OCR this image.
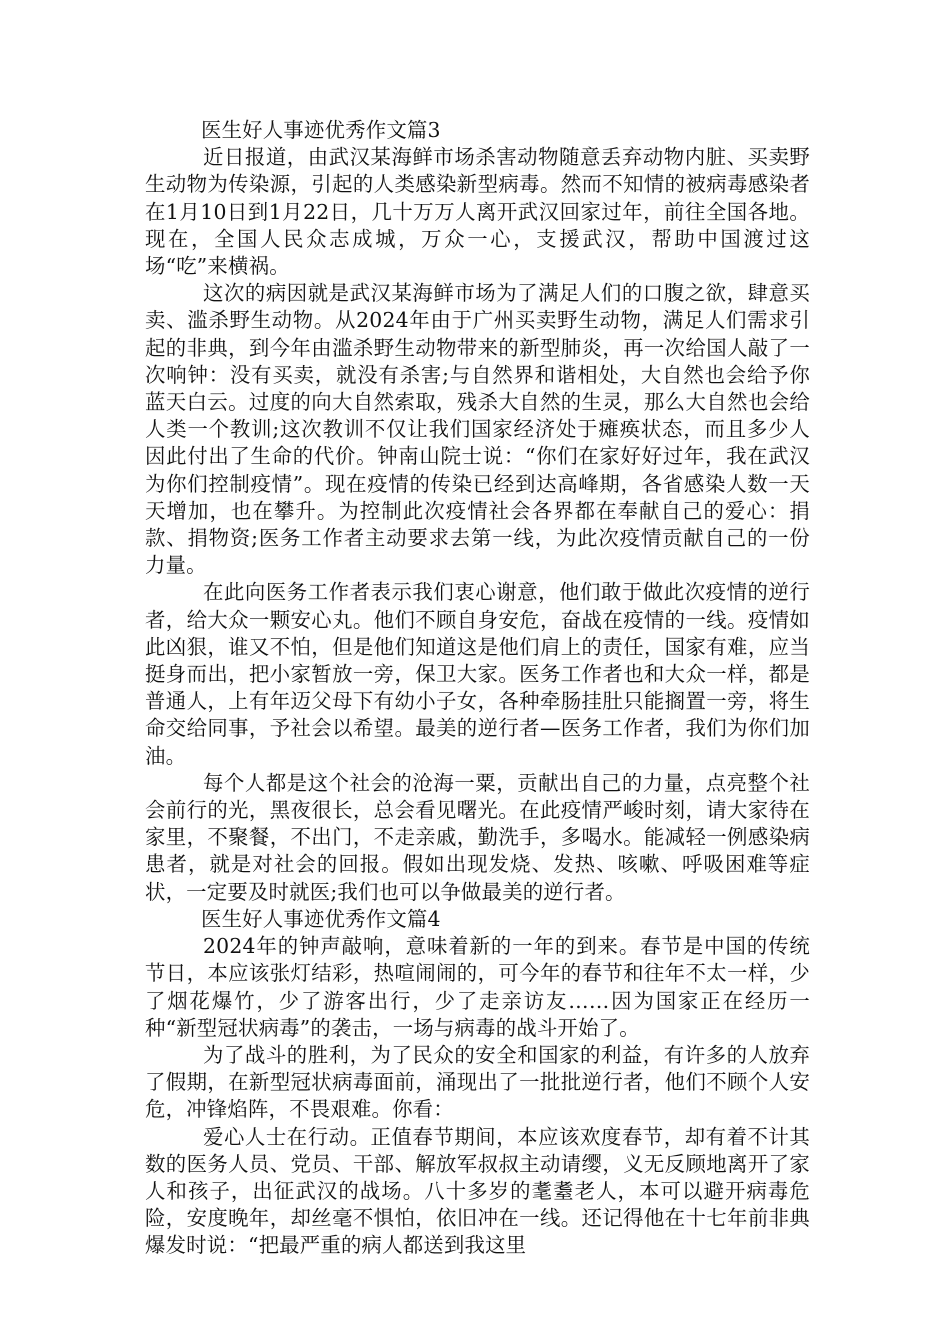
医生好人事迹优秀作文篇3

近日报道，由武汉某海鲜市场杀害动物随意丢弃动物内脏、买卖野生动物为传染源，引起的人类感染新型病毒。然而不知情的被病毒感染者在1月10日到1月22日，几十万万人离开武汉回家过年，前往全国各地。现在，全国人民众志成城，万众一心，支援武汉，帮助中国渡过这场“吃”来横祸。

这次的病因就是武汉某海鲜市场为了满足人们的口腹之欲，肆意买卖、滥杀野生动物。从2024年由于广州买卖野生动物，满足人们需求引起的非典，到今年由滥杀野生动物带来的新型肺炎，再一次给国人敲了一次响钟：没有买卖，就没有杀害;与自然界和谐相处，大自然也会给予你蓝天白云。过度的向大自然索取，残杀大自然的生灵，那么大自然也会给人类一个教训;这次教训不仅让我们国家经济处于瘫痪状态，而且多少人因此付出了生命的代价。钟南山院士说：“你们在家好好过年，我在武汉为你们控制疫情”。现在疫情的传染已经到达高峰期，各省感染人数一天天增加，也在攀升。为控制此次疫情社会各界都在奉献自己的爱心：捐款、捐物资;医务工作者主动要求去第一线，为此次疫情贡献自己的一份力量。

在此向医务工作者表示我们衷心谢意，他们敢于做此次疫情的逆行者，给大众一颗安心丸。他们不顾自身安危，奋战在疫情的一线。疫情如此凶狠，谁又不怕，但是他们知道这是他们肩上的责任，国家有难，应当挺身而出，把小家暂放一旁，保卫大家。医务工作者也和大众一样，都是普通人，上有年迈父母下有幼小子女，各种牵肠挂肚只能搁置一旁，将生命交给同事，予社会以希望。最美的逆行者—医务工作者，我们为你们加油。

每个人都是这个社会的沧海一粟，贡献出自己的力量，点亮整个社会前行的光，黑夜很长，总会看见曙光。在此疫情严峻时刻，请大家待在家里，不聚餐，不出门，不走亲戚，勤洗手，多喝水。能减轻一例感染病患者，就是对社会的回报。假如出现发烧、发热、咳嗽、呼吸困难等症状，一定要及时就医;我们也可以争做最美的逆行者。

医生好人事迹优秀作文篇4

2024年的钟声敲响，意味着新的一年的到来。春节是中国的传统节日，本应该张灯结彩，热喧闹闹的，可今年的春节和往年不太一样，少了烟花爆竹，少了游客出行，少了走亲访友……因为国家正在经历一种“新型冠状病毒”的袭击，一场与病毒的战斗开始了。

为了战斗的胜利，为了民众的安全和国家的利益，有许多的人放弃了假期，在新型冠状病毒面前，涌现出了一批批逆行者，他们不顾个人安危，冲锋焰阵，不畏艰难。你看：

爱心人士在行动。正值春节期间，本应该欢度春节，却有着不计其数的医务人员、党员、干部、解放军叔叔主动请缨，义无反顾地离开了家人和孩子，出征武汉的战场。八十多岁的耄耋老人，本可以避开病毒危险，安度晚年，却丝毫不惧怕，依旧冲在一线。还记得他在十七年前非典爆发时说：“把最严重的病人都送到我这里
